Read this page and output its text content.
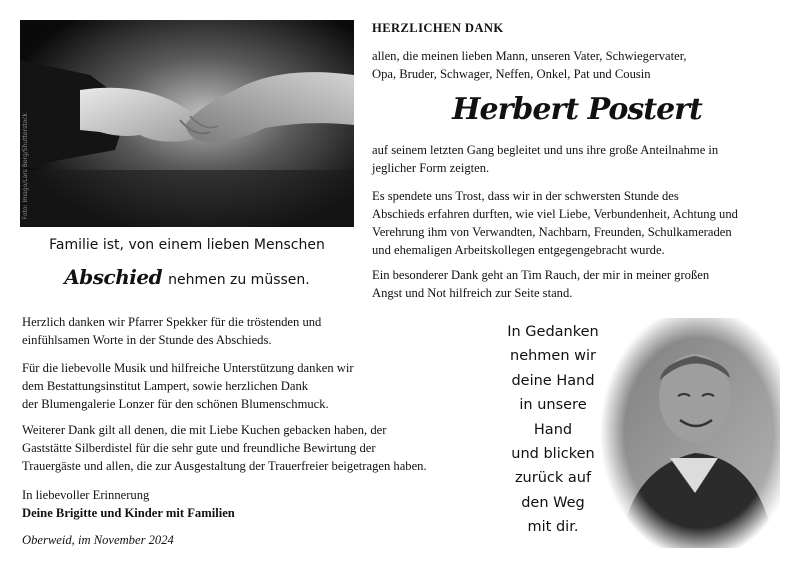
Foto: Imago/Lars Berg/Shutterstock
Familie ist, von einem lieben Menschen
Abschied nehmen zu müssen.
HERZLICHEN DANK

allen, die meinen lieben Mann, unseren Vater, Schwiegervater,

Opa, Bruder, Schwager, Neffen, Onkel, Pat und Cousin

Herbert Postert

auf seinem letzten Gang begleitet und uns ihre große Anteilnahme in

jeglicher Form zeigten.

Es spendete uns Trost, dass wir in der schwersten Stunde des

Abschieds erfahren durften, wie viel Liebe, Verbundenheit, Achtung und

Verehrung ihm von Verwandten, Nachbarn, Freunden, Schulkameraden

und ehemaligen Arbeitskollegen entgegengebracht wurde.

Ein besonderer Dank geht an Tim Rauch, der mir in meiner großen

Angst und Not hilfreich zur Seite stand.

Herzlich danken wir Pfarrer Spekker für die tröstenden und

einfühlsamen Worte in der Stunde des Abschieds.

Für die liebevolle Musik und hilfreiche Unterstützung danken wir

dem Bestattungsinstitut Lampert, sowie herzlichen Dank

der Blumengalerie Lonzer für den schönen Blumenschmuck.

Weiterer Dank gilt all denen, die mit Liebe Kuchen gebacken haben, der

Gaststätte Silberdistel für die sehr gute und freundliche Bewirtung der

Trauergäste und allen, die zur Ausgestaltung der Trauerfreier beigetragen haben.

In liebevoller Erinnerung

Deine Brigitte und Kinder mit Familien

Oberweid, im November 2024
In Gedanken
nehmen wir
deine Hand
in unsere
Hand
und blicken
zurück auf
den Weg
mit dir.
